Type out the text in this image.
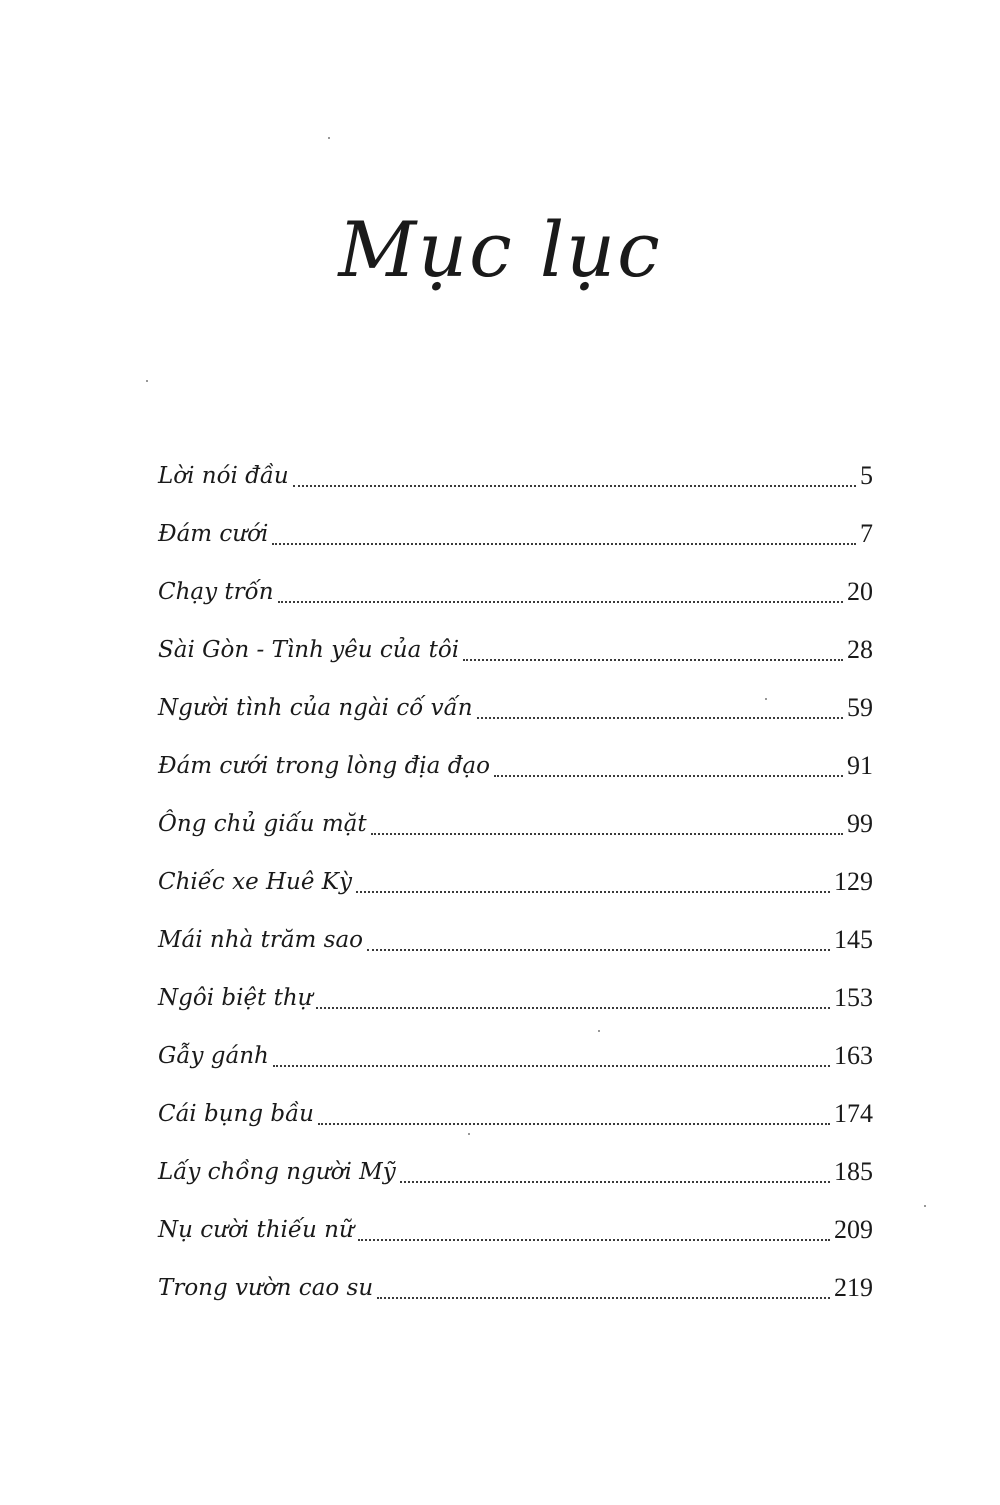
Mục lục
Lời nói đầu	5
Đám cưới	7
Chạy trốn	20
Sài Gòn - Tình yêu của tôi	28
Người tình của ngài cố vấn	59
Đám cưới trong lòng địa đạo	91
Ông chủ giấu mặt	99
Chiếc xe Huê Kỳ	129
Mái nhà trăm sao	145
Ngôi biệt thự	153
Gẫy gánh	163
Cái bụng bầu	174
Lấy chồng người Mỹ	185
Nụ cười thiếu nữ	209
Trong vườn cao su	219
